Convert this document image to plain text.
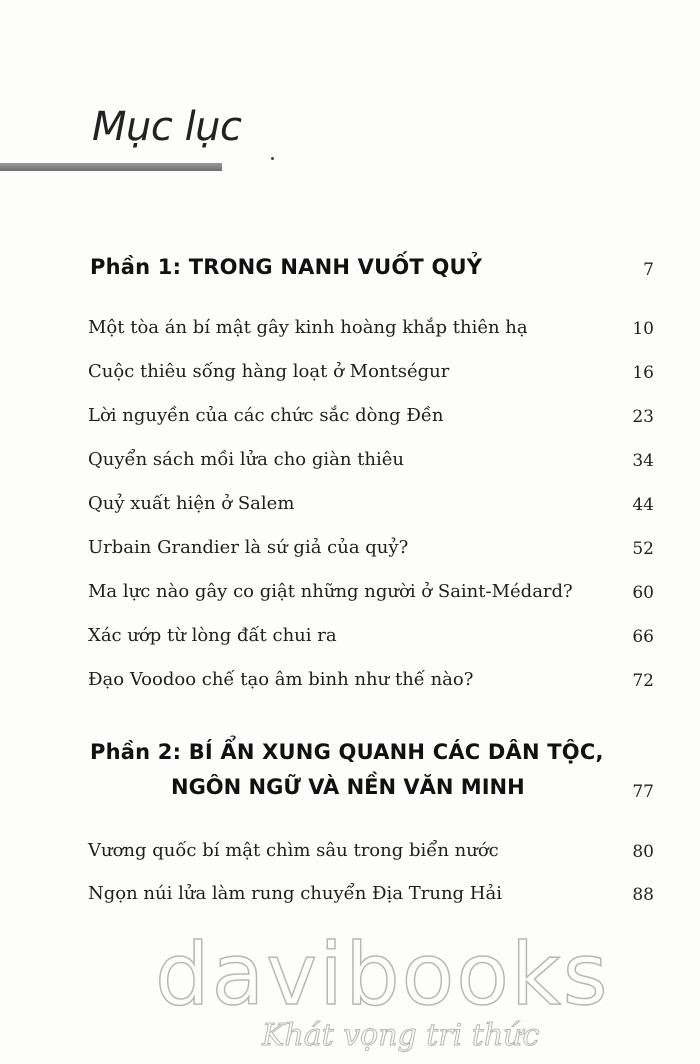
Mục lục
Phần 1: TRONG NANH VUỐT QUỶ	7
Một tòa án bí mật gây kinh hoàng khắp thiên hạ	10
Cuộc thiêu sống hàng loạt ở Montségur	16
Lời nguyền của các chức sắc dòng Đền	23
Quyển sách mồi lửa cho giàn thiêu	34
Quỷ xuất hiện ở Salem	44
Urbain Grandier là sứ giả của quỷ?	52
Ma lực nào gây co giật những người ở Saint-Médard?	60
Xác ướp từ lòng đất chui ra	66
Đạo Voodoo chế tạo âm binh như thế nào?	72
Phần 2: BÍ ẨN XUNG QUANH CÁC DÂN TỘC,
NGÔN NGỮ VÀ NỀN VĂN MINH	77
Vương quốc bí mật chìm sâu trong biển nước	80
Ngọn núi lửa làm rung chuyển Địa Trung Hải	88
davibooks
Khát vọng tri thức
